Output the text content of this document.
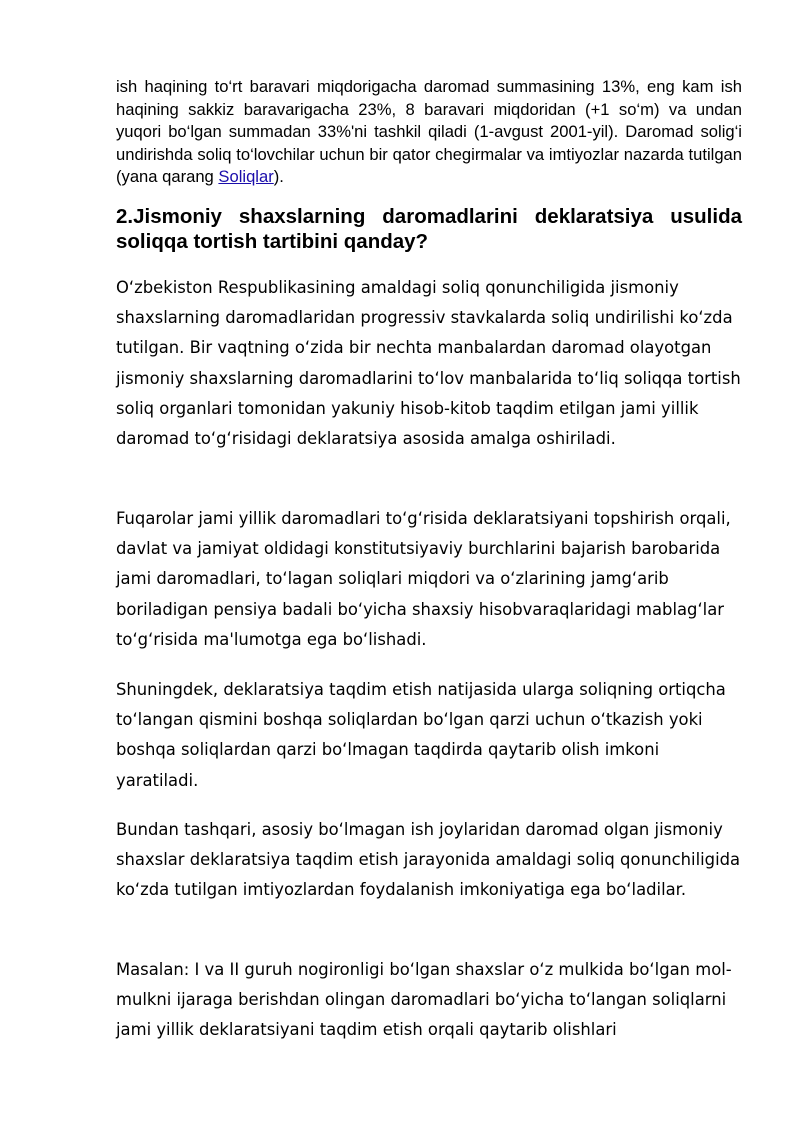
ish haqining to‘rt baravari miqdorigacha daromad summasining 13%, eng kam ish haqining sakkiz baravarigacha 23%, 8 baravari miqdoridan (+1 so‘m) va undan yuqori bo‘lgan summadan 33%'ni tashkil qiladi (1-avgust 2001-yil). Daromad solig‘i undirishda soliq to‘lovchilar uchun bir qator chegirmalar va imtiyozlar nazarda tutilgan (yana qarang Soliqlar).

2.Jismoniy shaxslarning daromadlarini deklaratsiya usulida soliqqa tortish tartibini qanday?

O‘zbekiston Respublikasining amaldagi soliq qonunchiligida jismoniy shaxslarning daromadlaridan progressiv stavkalarda soliq undirilishi ko‘zda tutilgan. Bir vaqtning o‘zida bir nechta manbalardan daromad olayotgan jismoniy shaxslarning daromadlarini to‘lov manbalarida to‘liq soliqqa tortish soliq organlari tomonidan yakuniy hisob-kitob taqdim etilgan jami yillik daromad to‘g‘risidagi deklaratsiya asosida amalga oshiriladi.

Fuqarolar jami yillik daromadlari to‘g‘risida deklaratsiyani topshirish orqali, davlat va jamiyat oldidagi konstitutsiyaviy burchlarini bajarish barobarida jami daromadlari, to‘lagan soliqlari miqdori va o‘zlarining jamg‘arib boriladigan pensiya badali bo‘yicha shaxsiy hisobvaraqlaridagi mablag‘lar to‘g‘risida ma'lumotga ega bo‘lishadi.

Shuningdek, deklaratsiya taqdim etish natijasida ularga soliqning ortiqcha to‘langan qismini boshqa soliqlardan bo‘lgan qarzi uchun o‘tkazish yoki boshqa soliqlardan qarzi bo‘lmagan taqdirda qaytarib olish imkoni yaratiladi.

Bundan tashqari, asosiy bo‘lmagan ish joylaridan daromad olgan jismoniy shaxslar deklaratsiya taqdim etish jarayonida amaldagi soliq qonunchiligida ko‘zda tutilgan imtiyozlardan foydalanish imkoniyatiga ega bo‘ladilar.

Masalan: I va II guruh nogironligi bo‘lgan shaxslar o‘z mulkida bo‘lgan mol-mulkni ijaraga berishdan olingan daromadlari bo‘yicha to‘langan soliqlarni jami yillik deklaratsiyani taqdim etish orqali qaytarib olishlari
